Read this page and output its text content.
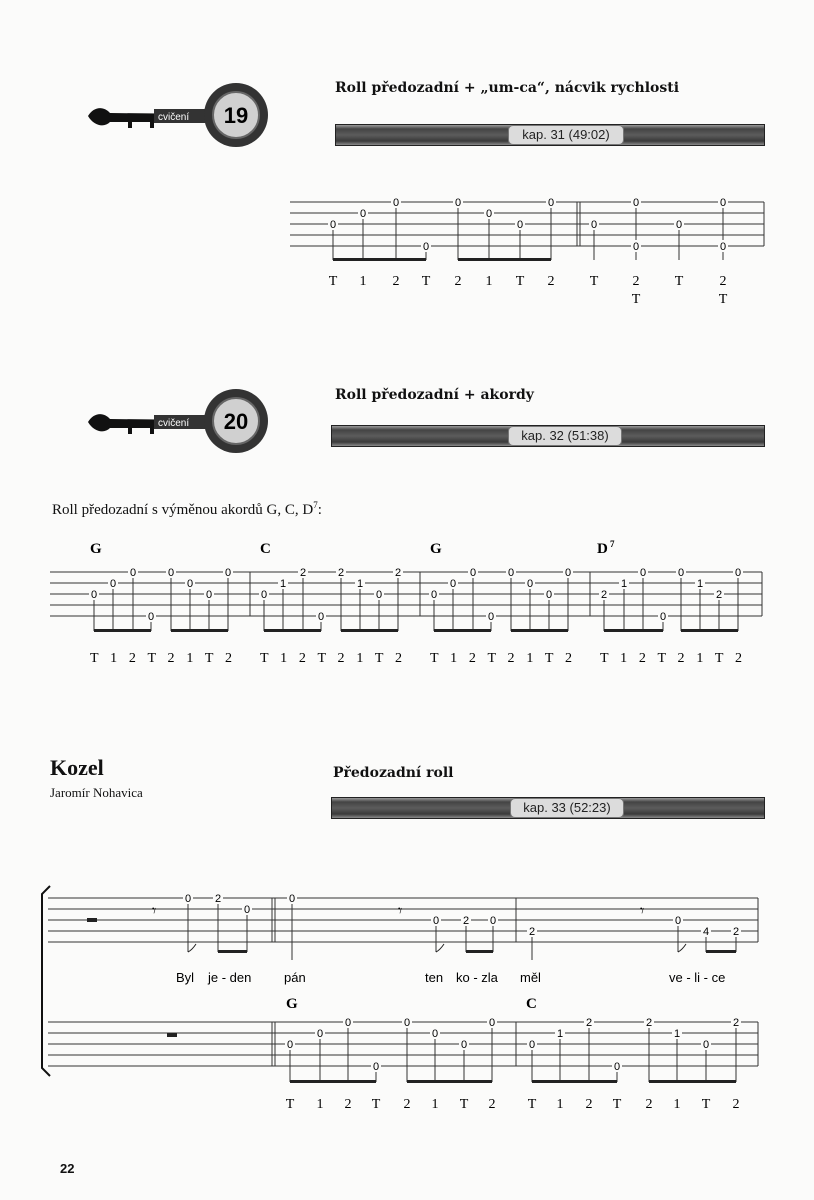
cvičení 19
Roll předozadní + „um-ca“, nácvik rychlosti
kap. 31 (49:02)
0
0
0
0
0
0
0
0
0
0
0
0
0
0
T 1 2 T 2 1 T 2	T 2	T	2
T	T
cvičení 20
Roll předozadní + akordy
kap. 32 (51:38)
Roll předozadní s výměnou akordů G, C, $D^7$:
G	C	G	D 7
0
0
0
0
0
0
0
0
0
1
2
0
2
1
0
2
0
0
0
0
0
0
0
0
2
1
0
0
0
1
2
0
T 1 2 T 2 1 T 2 T 1 2 T 2 1 T 2 T 1 2 T 2 1 T 2 T 1 2 T 2 1 T 2
Kozel
Jaromír Nohavica
Předozadní roll
kap. 33 (52:23)
𝄾	𝄾	𝄾
0 2
0
0
0 2 0
2
0
4 2
Byl je - den	pán	ten ko - zla měl	ve - li - ce
G	C
0
0
0
0
0
0
0
0
0
1
2
0
2
1
0
2
T 1 2 T 2 1 T 2 T 1 2 T 2 1 T 2
22
